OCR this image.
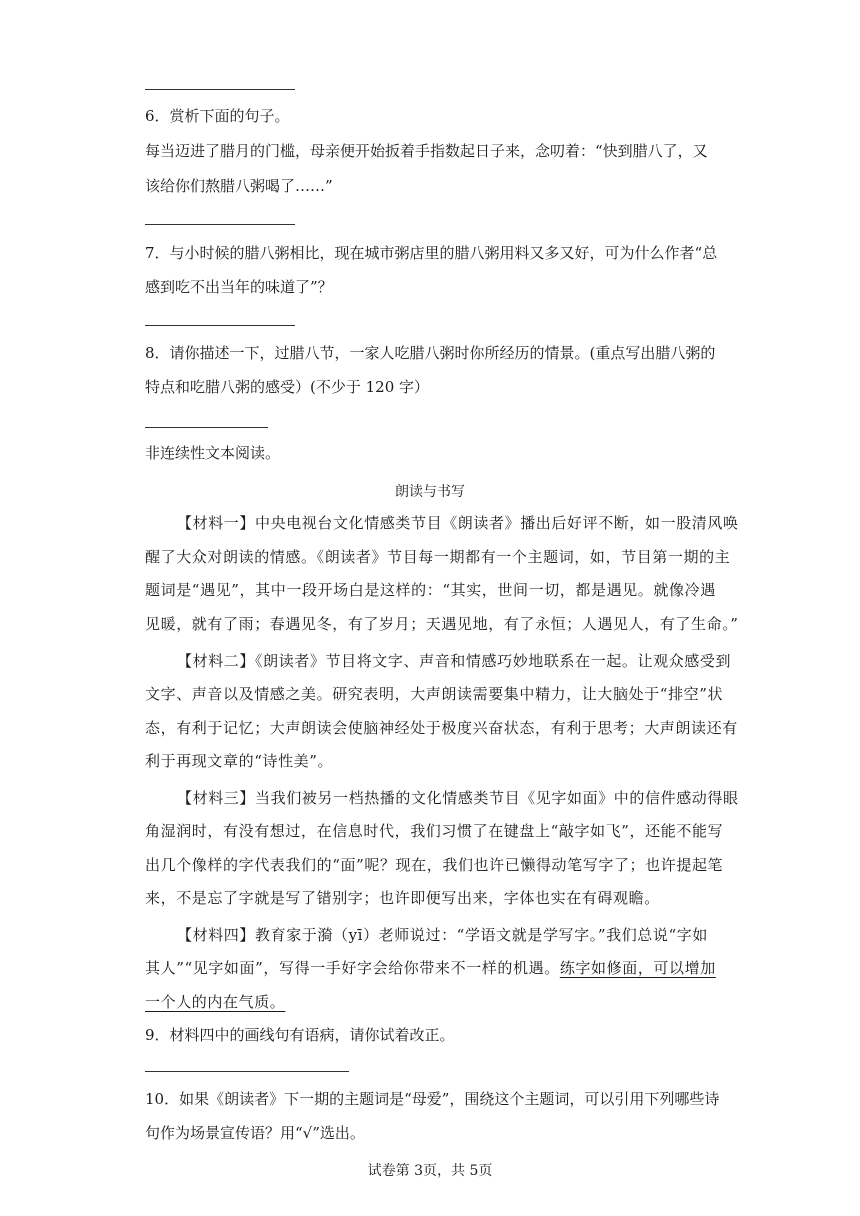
6．赏析下面的句子。
每当迈进了腊月的门槛，母亲便开始扳着手指数起日子来，念叨着：“快到腊八了，又
该给你们熬腊八粥喝了……”
7．与小时候的腊八粥相比，现在城市粥店里的腊八粥用料又多又好，可为什么作者“总
感到吃不出当年的味道了”？
8．请你描述一下，过腊八节，一家人吃腊八粥时你所经历的情景。(重点写出腊八粥的
特点和吃腊八粥的感受）(不少于 120 字）
非连续性文本阅读。
朗读与书写
【材料一】中央电视台文化情感类节目《朗读者》播出后好评不断，如一股清风唤
醒了大众对朗读的情感。《朗读者》节目每一期都有一个主题词，如，节目第一期的主
题词是“遇见”，其中一段开场白是这样的：“其实，世间一切，都是遇见。就像冷遇
见暖，就有了雨；春遇见冬，有了岁月；天遇见地，有了永恒；人遇见人，有了生命。”
【材料二】《朗读者》节目将文字、声音和情感巧妙地联系在一起。让观众感受到
文字、声音以及情感之美。研究表明，大声朗读需要集中精力，让大脑处于“排空”状
态，有利于记忆；大声朗读会使脑神经处于极度兴奋状态，有利于思考；大声朗读还有
利于再现文章的“诗性美”。
【材料三】当我们被另一档热播的文化情感类节目《见字如面》中的信件感动得眼
角湿润时，有没有想过，在信息时代，我们习惯了在键盘上“敲字如飞”，还能不能写
出几个像样的字代表我们的“面”呢？现在，我们也许已懒得动笔写字了；也许提起笔
来，不是忘了字就是写了错别字；也许即便写出来，字体也实在有碍观瞻。
【材料四】教育家于漪（yī）老师说过：“学语文就是学写字。”我们总说“字如
其人”“见字如面”，写得一手好字会给你带来不一样的机遇。练字如修面，可以增加
一个人的内在气质。
9．材料四中的画线句有语病，请你试着改正。
10．如果《朗读者》下一期的主题词是“母爱”，围绕这个主题词，可以引用下列哪些诗
句作为场景宣传语？用“√”选出。
试卷第 3页，共 5页
